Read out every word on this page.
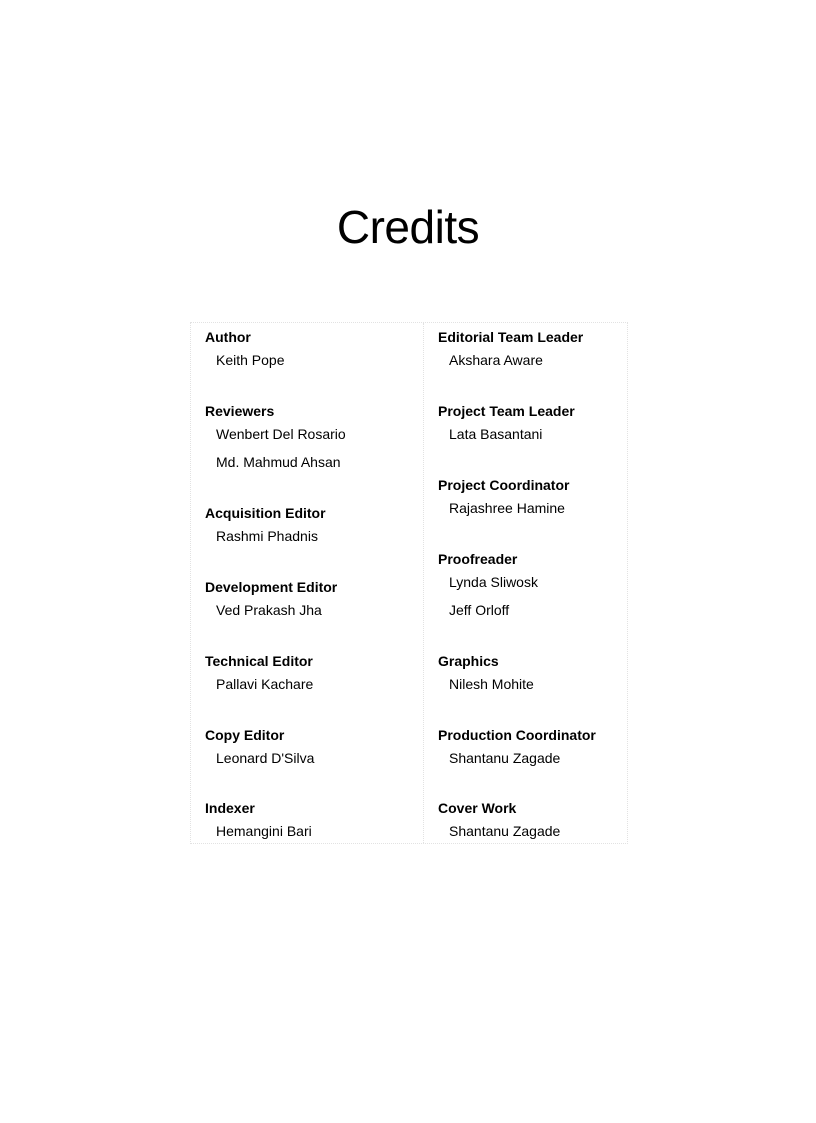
Credits
Author
Keith Pope
Reviewers
Wenbert Del Rosario
Md. Mahmud Ahsan
Acquisition Editor
Rashmi Phadnis
Development Editor
Ved Prakash Jha
Technical Editor
Pallavi Kachare
Copy Editor
Leonard D'Silva
Indexer
Hemangini Bari
Editorial Team Leader
Akshara Aware
Project Team Leader
Lata Basantani
Project Coordinator
Rajashree Hamine
Proofreader
Lynda Sliwosk
Jeff Orloff
Graphics
Nilesh Mohite
Production Coordinator
Shantanu Zagade
Cover Work
Shantanu Zagade
